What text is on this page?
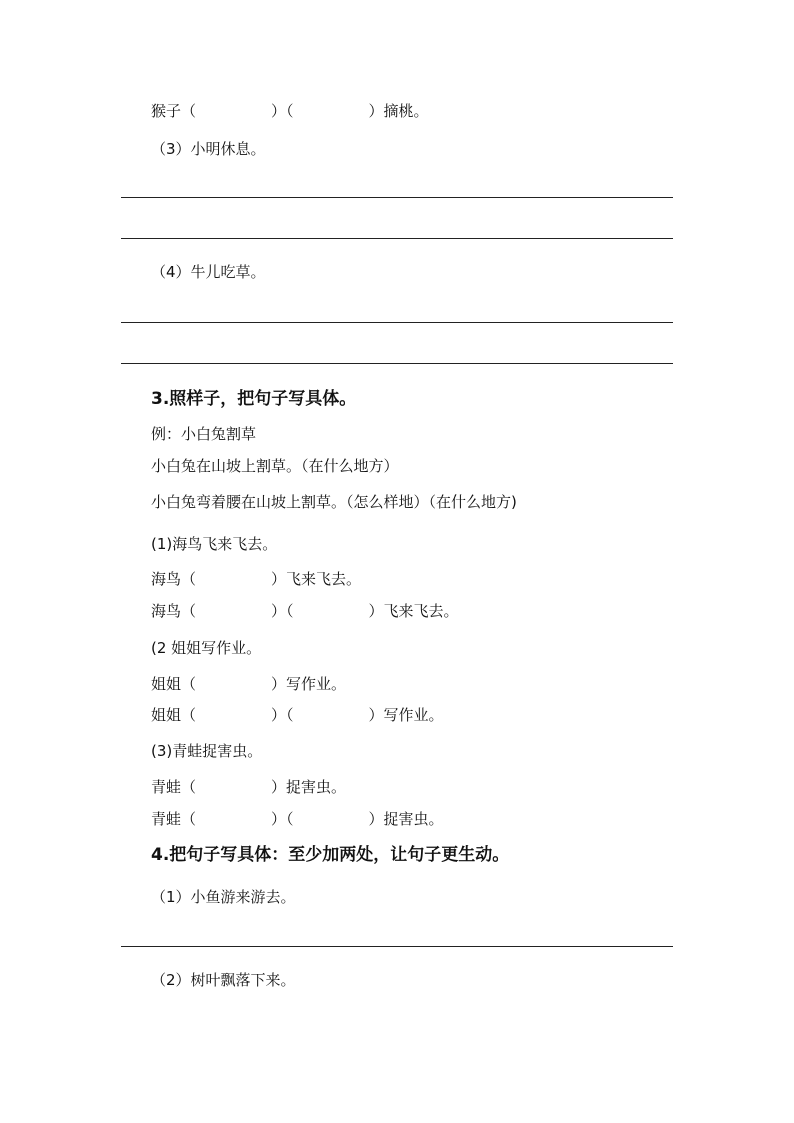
猴子（　　　　　）（　　　　　）摘桃。
（3）小明休息。
（4）牛儿吃草。
3.照样子，把句子写具体。
例：小白兔割草
小白兔在山坡上割草。（在什么地方）
小白兔弯着腰在山坡上割草。（怎么样地）（在什么地方)
(1)海鸟飞来飞去。
海鸟（　　　　　）飞来飞去。
海鸟（　　　　　）（　　　　　）飞来飞去。
(2 姐姐写作业。
姐姐（　　　　　）写作业。
姐姐（　　　　　）（　　　　　）写作业。
(3)青蛙捉害虫。
青蛙（　　　　　）捉害虫。
青蛙（　　　　　）（　　　　　）捉害虫。
4.把句子写具体：至少加两处，让句子更生动。
（1）小鱼游来游去。
（2）树叶飘落下来。
